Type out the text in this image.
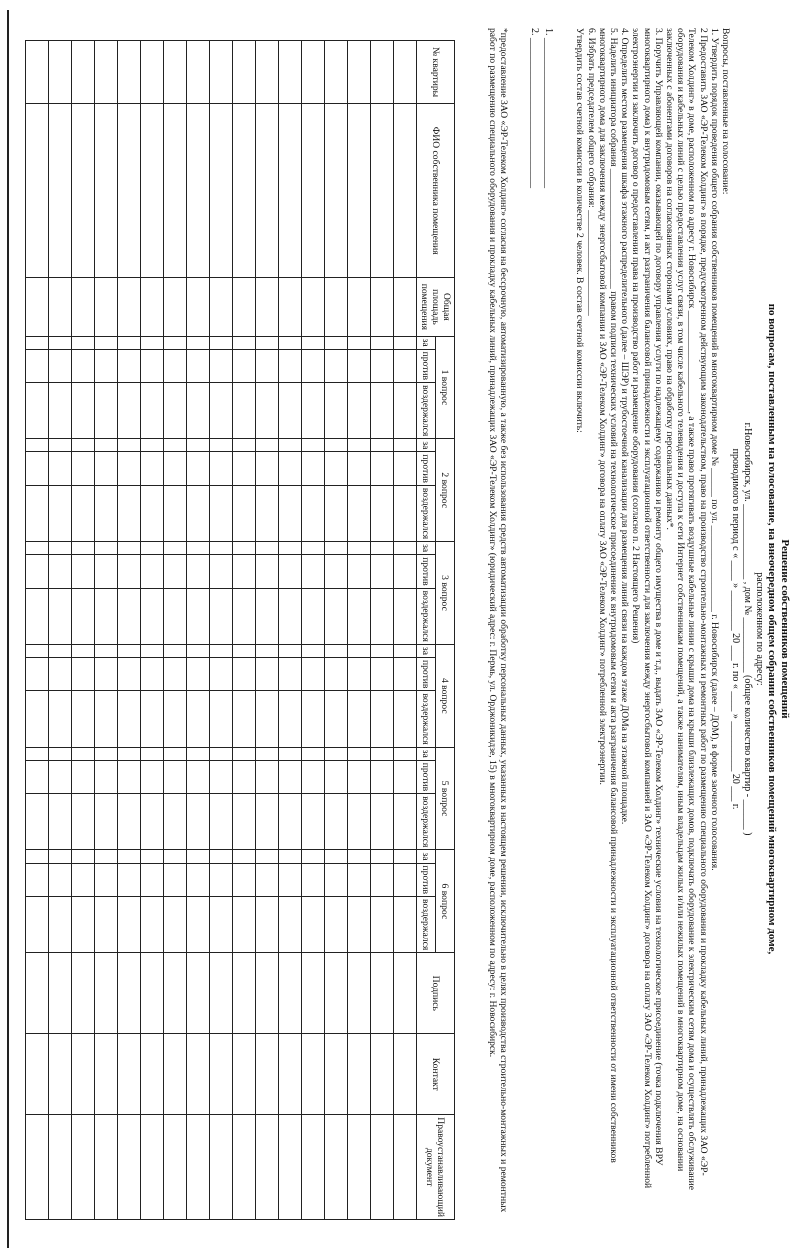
Решение собственников помещений
по вопросам, поставленным на голосование, на внеочередном общем собрании собственников помещений многоквартирном доме,
расположенном по адресу:
г.Новосибирск, ул. _______________ , дом № ___________ (общее количество квартир - ______ )
проводимого в период с « ____ » ________ 20 ___ г. по « ____ » __________ 20 ___ г.

Вопросы, поставленные на голосование:

1. Утвердить порядок проведения общего собрания собственников помещений в многоквартирном доме № ______ по ул. __________________ г. Новосибирск (далее – ДОМ), в форме заочного голосования.

2 Предоставить ЗАО «ЭР-Телеком Холдинг» в порядке, предусмотренном действующим законодательством, право на производство строительно-монтажных и ремонтных работ по размещению специального оборудования и прокладку кабельных линий, принадлежащих ЗАО «ЭР-Телеком Холдинг» в доме, расположенном по адресу г. Новосибирск _____________________, а также право протягивать воздушные кабельные линии с крыши дома на крыши близлежащих домов, подключать оборудование к электрическим сетям дома и осуществлять обслуживание оборудования и кабельных линий с целью предоставления услуг связи, в том числе кабельного телевидения и доступа к сети Интернет собственникам помещений, а также нанимателям, иным владельцам жилых и/или нежилых помещений в многоквартирном доме, на основании заключенных с абонентами договоров на согласованных сторонами условиях, право на обработку персональных данных*.

3. Поручить Управляющей компании, оказывающей по договору управления услуги по надлежащему содержанию и ремонту общего имущества в доме и т.д., выдать ЗАО «ЭР-Телеком Холдинг» технические условия на технологическое присоединение (точка подключения ВРУ многоквартирного дома) к внутридомовым сетям, и акт разграничения балансовой принадлежности и эксплуатационной ответственности для заключения между энергосбытовой компанией и ЗАО «ЭР-Телеком Холдинг» договора на оплату ЗАО «ЭР-Телеком Холдинг» потребленной электроэнергии и заключить договор о предоставлении права на производство работ и размещение оборудования (согласно п. 2 Настоящего Решения)

4. Определить местом размещения шкафа этажного распределительного (далее – ШЭР) и трубостоечной канализации для размещения линий связи на каждом этаже ДОМа на этажной площадке.

5. Наделить инициатора собрания _________________________ правом подписи технических условий на технологическое присоединение к внутридомовым сетям и акта разграничения балансовой принадлежности и эксплуатационной ответственности от имени собственников многоквартирного дома для заключения между энергосбытовой компании и ЗАО «ЭР-Телеком Холдинг» договора на оплату ЗАО «ЭР-Телеком Холдинг» потребленной электроэнергии.

6. Избрать председателем общего собрания: ______________________

Утвердить состав счетной комиссии в количестве 2 человек. В состав счетной комиссии включить:

1. ______________________________
2. ______________________________
*предоставление ЗАО «ЭР-Телеком Холдинг» согласия на бессрочную, автоматизированную, а также без использования средств автоматизации обработку персональных данных, указанных в настоящем решении, исключительно в целях производства строительно-монтажных и ремонтных работ по размещению специального оборудования и прокладку кабельных линий, принадлежащих ЗАО «ЭР-Телеком Холдинг» (юридический адрес: г. Пермь, ул. Орджоникидзе, 15) в многоквартирном доме, расположенном по адресу: г. Новосибирск.
№ квартиры	ФИО собственника помещения	Общая площадь помещения	1 вопрос			2 вопрос			3 вопрос			4 вопрос			5 вопрос			6 вопрос			Подпись	Контакт	Правоустанавливающий документ
			за	против	воздержался	за	против	воздержался	за	против	воздержался	за	против	воздержался	за	против	воздержался	за	против	воздержался			
